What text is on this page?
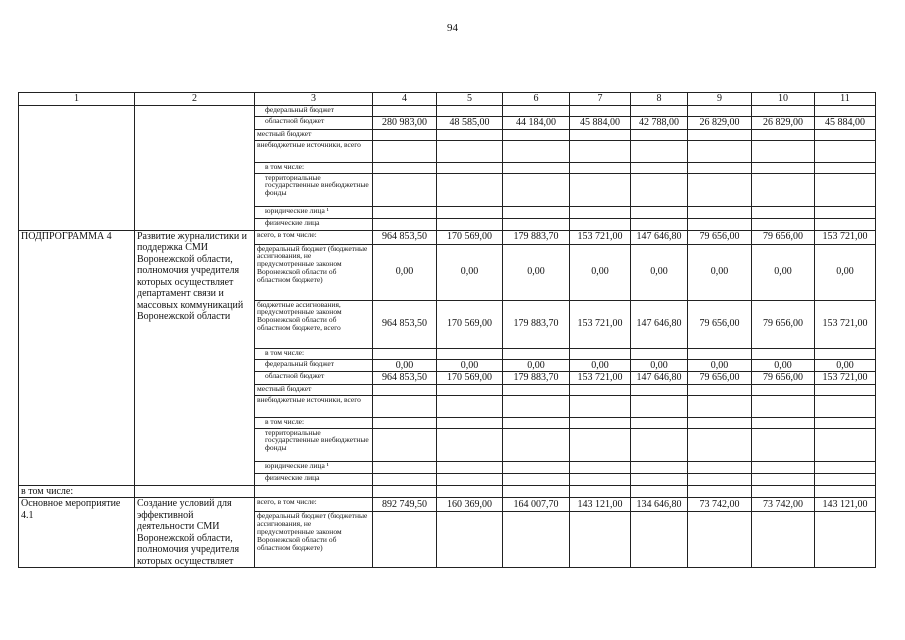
94
1	2	3	4	5	6	7	8	9	10	11
		федеральный бюджет								
		областной бюджет	280 983,00	48 585,00	44 184,00	45 884,00	42 788,00	26 829,00	26 829,00	45 884,00
		местный бюджет								
		внебюджетные источники, всего								
		в том числе:								
		территориальные государственные внебюджетные фонды								
		юридические лица ¹								
		физические лица								
ПОДПРОГРАММА 4	Развитие журналистики и поддержка СМИ Воронежской области, полномочия учредителя которых осуществляет департамент связи и массовых коммуникаций Воронежской области	всего, в том числе:	964 853,50	170 569,00	179 883,70	153 721,00	147 646,80	79 656,00	79 656,00	153 721,00
		федеральный бюджет (бюджетные ассигнования, не предусмотренные законом Воронежской области об областном бюджете)	0,00	0,00	0,00	0,00	0,00	0,00	0,00	0,00
		бюджетные ассигнования, предусмотренные законом Воронежской области об областном бюджете, всего	964 853,50	170 569,00	179 883,70	153 721,00	147 646,80	79 656,00	79 656,00	153 721,00
		в том числе:								
		федеральный бюджет	0,00	0,00	0,00	0,00	0,00	0,00	0,00	0,00
		областной бюджет	964 853,50	170 569,00	179 883,70	153 721,00	147 646,80	79 656,00	79 656,00	153 721,00
		местный бюджет								
		внебюджетные источники, всего								
		в том числе:								
		территориальные государственные внебюджетные фонды								
		юридические лица ¹								
		физические лица								
в том числе:										
Основное мероприятие 4.1	Создание условий для эффективной деятельности СМИ Воронежской области, полномочия учредителя которых осуществляет	всего, в том числе:	892 749,50	160 369,00	164 007,70	143 121,00	134 646,80	73 742,00	73 742,00	143 121,00
		федеральный бюджет (бюджетные ассигнования, не предусмотренные законом Воронежской области об областном бюджете)								
